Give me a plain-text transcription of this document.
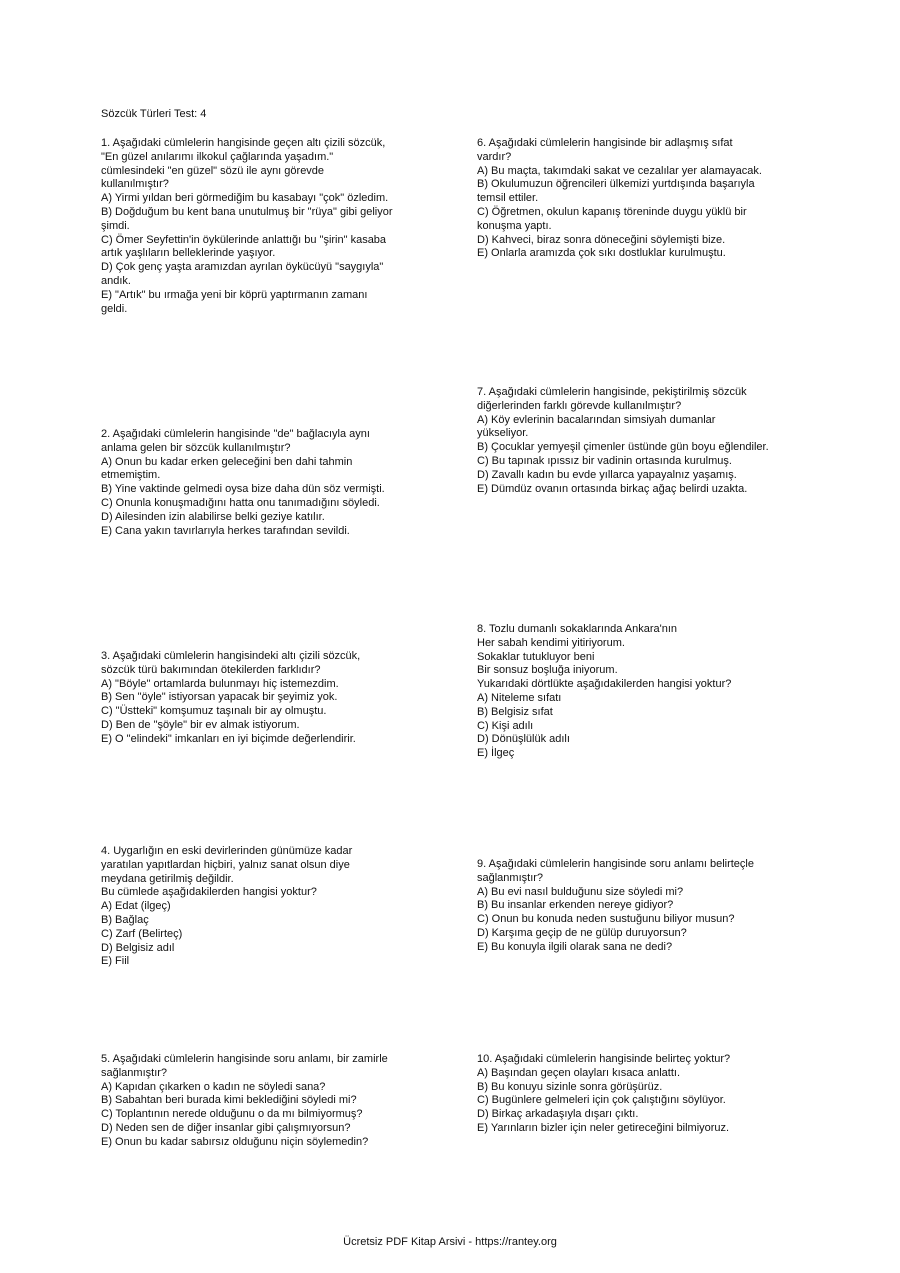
Sözcük Türleri Test: 4
1. Aşağıdaki cümlelerin hangisinde geçen altı çizili sözcük,
"En güzel anılarımı ilkokul çağlarında yaşadım."
cümlesindeki "en güzel" sözü ile aynı görevde
kullanılmıştır?
A) Yirmi yıldan beri görmediğim bu kasabayı "çok" özledim.
B) Doğduğum bu kent bana unutulmuş bir "rüya" gibi geliyor
şimdi.
C) Ömer Seyfettin'in öykülerinde anlattığı bu "şirin" kasaba
artık yaşlıların belleklerinde yaşıyor.
D) Çok genç yaşta aramızdan ayrılan öykücüyü "saygıyla"
andık.
E) "Artık" bu ırmağa yeni bir köprü yaptırmanın zamanı
geldi.
2. Aşağıdaki cümlelerin hangisinde "de" bağlacıyla aynı
anlama gelen bir sözcük kullanılmıştır?
A) Onun bu kadar erken geleceğini ben dahi tahmin
etmemiştim.
B) Yine vaktinde gelmedi oysa bize daha dün söz vermişti.
C) Onunla konuşmadığını hatta onu tanımadığını söyledi.
D) Ailesinden izin alabilirse belki geziye katılır.
E) Cana yakın tavırlarıyla herkes tarafından sevildi.
3. Aşağıdaki cümlelerin hangisindeki altı çizili sözcük,
sözcük türü bakımından ötekilerden farklıdır?
A) "Böyle" ortamlarda bulunmayı hiç istemezdim.
B) Sen "öyle" istiyorsan yapacak bir şeyimiz yok.
C) "Üstteki" komşumuz taşınalı bir ay olmuştu.
D) Ben de "şöyle" bir ev almak istiyorum.
E) O "elindeki" imkanları en iyi biçimde değerlendirir.
4. Uygarlığın en eski devirlerinden günümüze kadar
yaratılan yapıtlardan hiçbiri, yalnız sanat olsun diye
meydana getirilmiş değildir.
Bu cümlede aşağıdakilerden hangisi yoktur?
A) Edat (ilgeç)
B) Bağlaç
C) Zarf (Belirteç)
D) Belgisiz adıl
E) Fiil
5. Aşağıdaki cümlelerin hangisinde soru anlamı, bir zamirle
sağlanmıştır?
A) Kapıdan çıkarken o kadın ne söyledi sana?
B) Sabahtan beri burada kimi beklediğini söyledi mi?
C) Toplantının nerede olduğunu o da mı bilmiyormuş?
D) Neden sen de diğer insanlar gibi çalışmıyorsun?
E) Onun bu kadar sabırsız olduğunu niçin söylemedin?
6. Aşağıdaki cümlelerin hangisinde bir adlaşmış sıfat
vardır?
A) Bu maçta, takımdaki sakat ve cezalılar yer alamayacak.
B) Okulumuzun öğrencileri ülkemizi yurtdışında başarıyla
temsil ettiler.
C) Öğretmen, okulun kapanış töreninde duygu yüklü bir
konuşma yaptı.
D) Kahveci, biraz sonra döneceğini söylemişti bize.
E) Onlarla aramızda çok sıkı dostluklar kurulmuştu.
7. Aşağıdaki cümlelerin hangisinde, pekiştirilmiş sözcük
diğerlerinden farklı görevde kullanılmıştır?
A) Köy evlerinin bacalarından simsiyah dumanlar
yükseliyor.
B) Çocuklar yemyeşil çimenler üstünde gün boyu eğlendiler.
C) Bu tapınak ıpıssız bir vadinin ortasında kurulmuş.
D) Zavallı kadın bu evde yıllarca yapayalnız yaşamış.
E) Dümdüz ovanın ortasında birkaç ağaç belirdi uzakta.
8. Tozlu dumanlı sokaklarında Ankara'nın
Her sabah kendimi yitiriyorum.
Sokaklar tutukluyor beni
Bir sonsuz boşluğa iniyorum.
Yukarıdaki dörtlükte aşağıdakilerden hangisi yoktur?
A) Niteleme sıfatı
B) Belgisiz sıfat
C) Kişi adılı
D) Dönüşlülük adılı
E) İlgeç
9. Aşağıdaki cümlelerin hangisinde soru anlamı belirteçle
sağlanmıştır?
A) Bu evi nasıl bulduğunu size söyledi mi?
B) Bu insanlar erkenden nereye gidiyor?
C) Onun bu konuda neden sustuğunu biliyor musun?
D) Karşıma geçip de ne gülüp duruyorsun?
E) Bu konuyla ilgili olarak sana ne dedi?
10. Aşağıdaki cümlelerin hangisinde belirteç yoktur?
A) Başından geçen olayları kısaca anlattı.
B) Bu konuyu sizinle sonra görüşürüz.
C) Bugünlere gelmeleri için çok çalıştığını söylüyor.
D) Birkaç arkadaşıyla dışarı çıktı.
E) Yarınların bizler için neler getireceğini bilmiyoruz.
Ücretsiz PDF Kitap Arsivi - https://rantey.org
